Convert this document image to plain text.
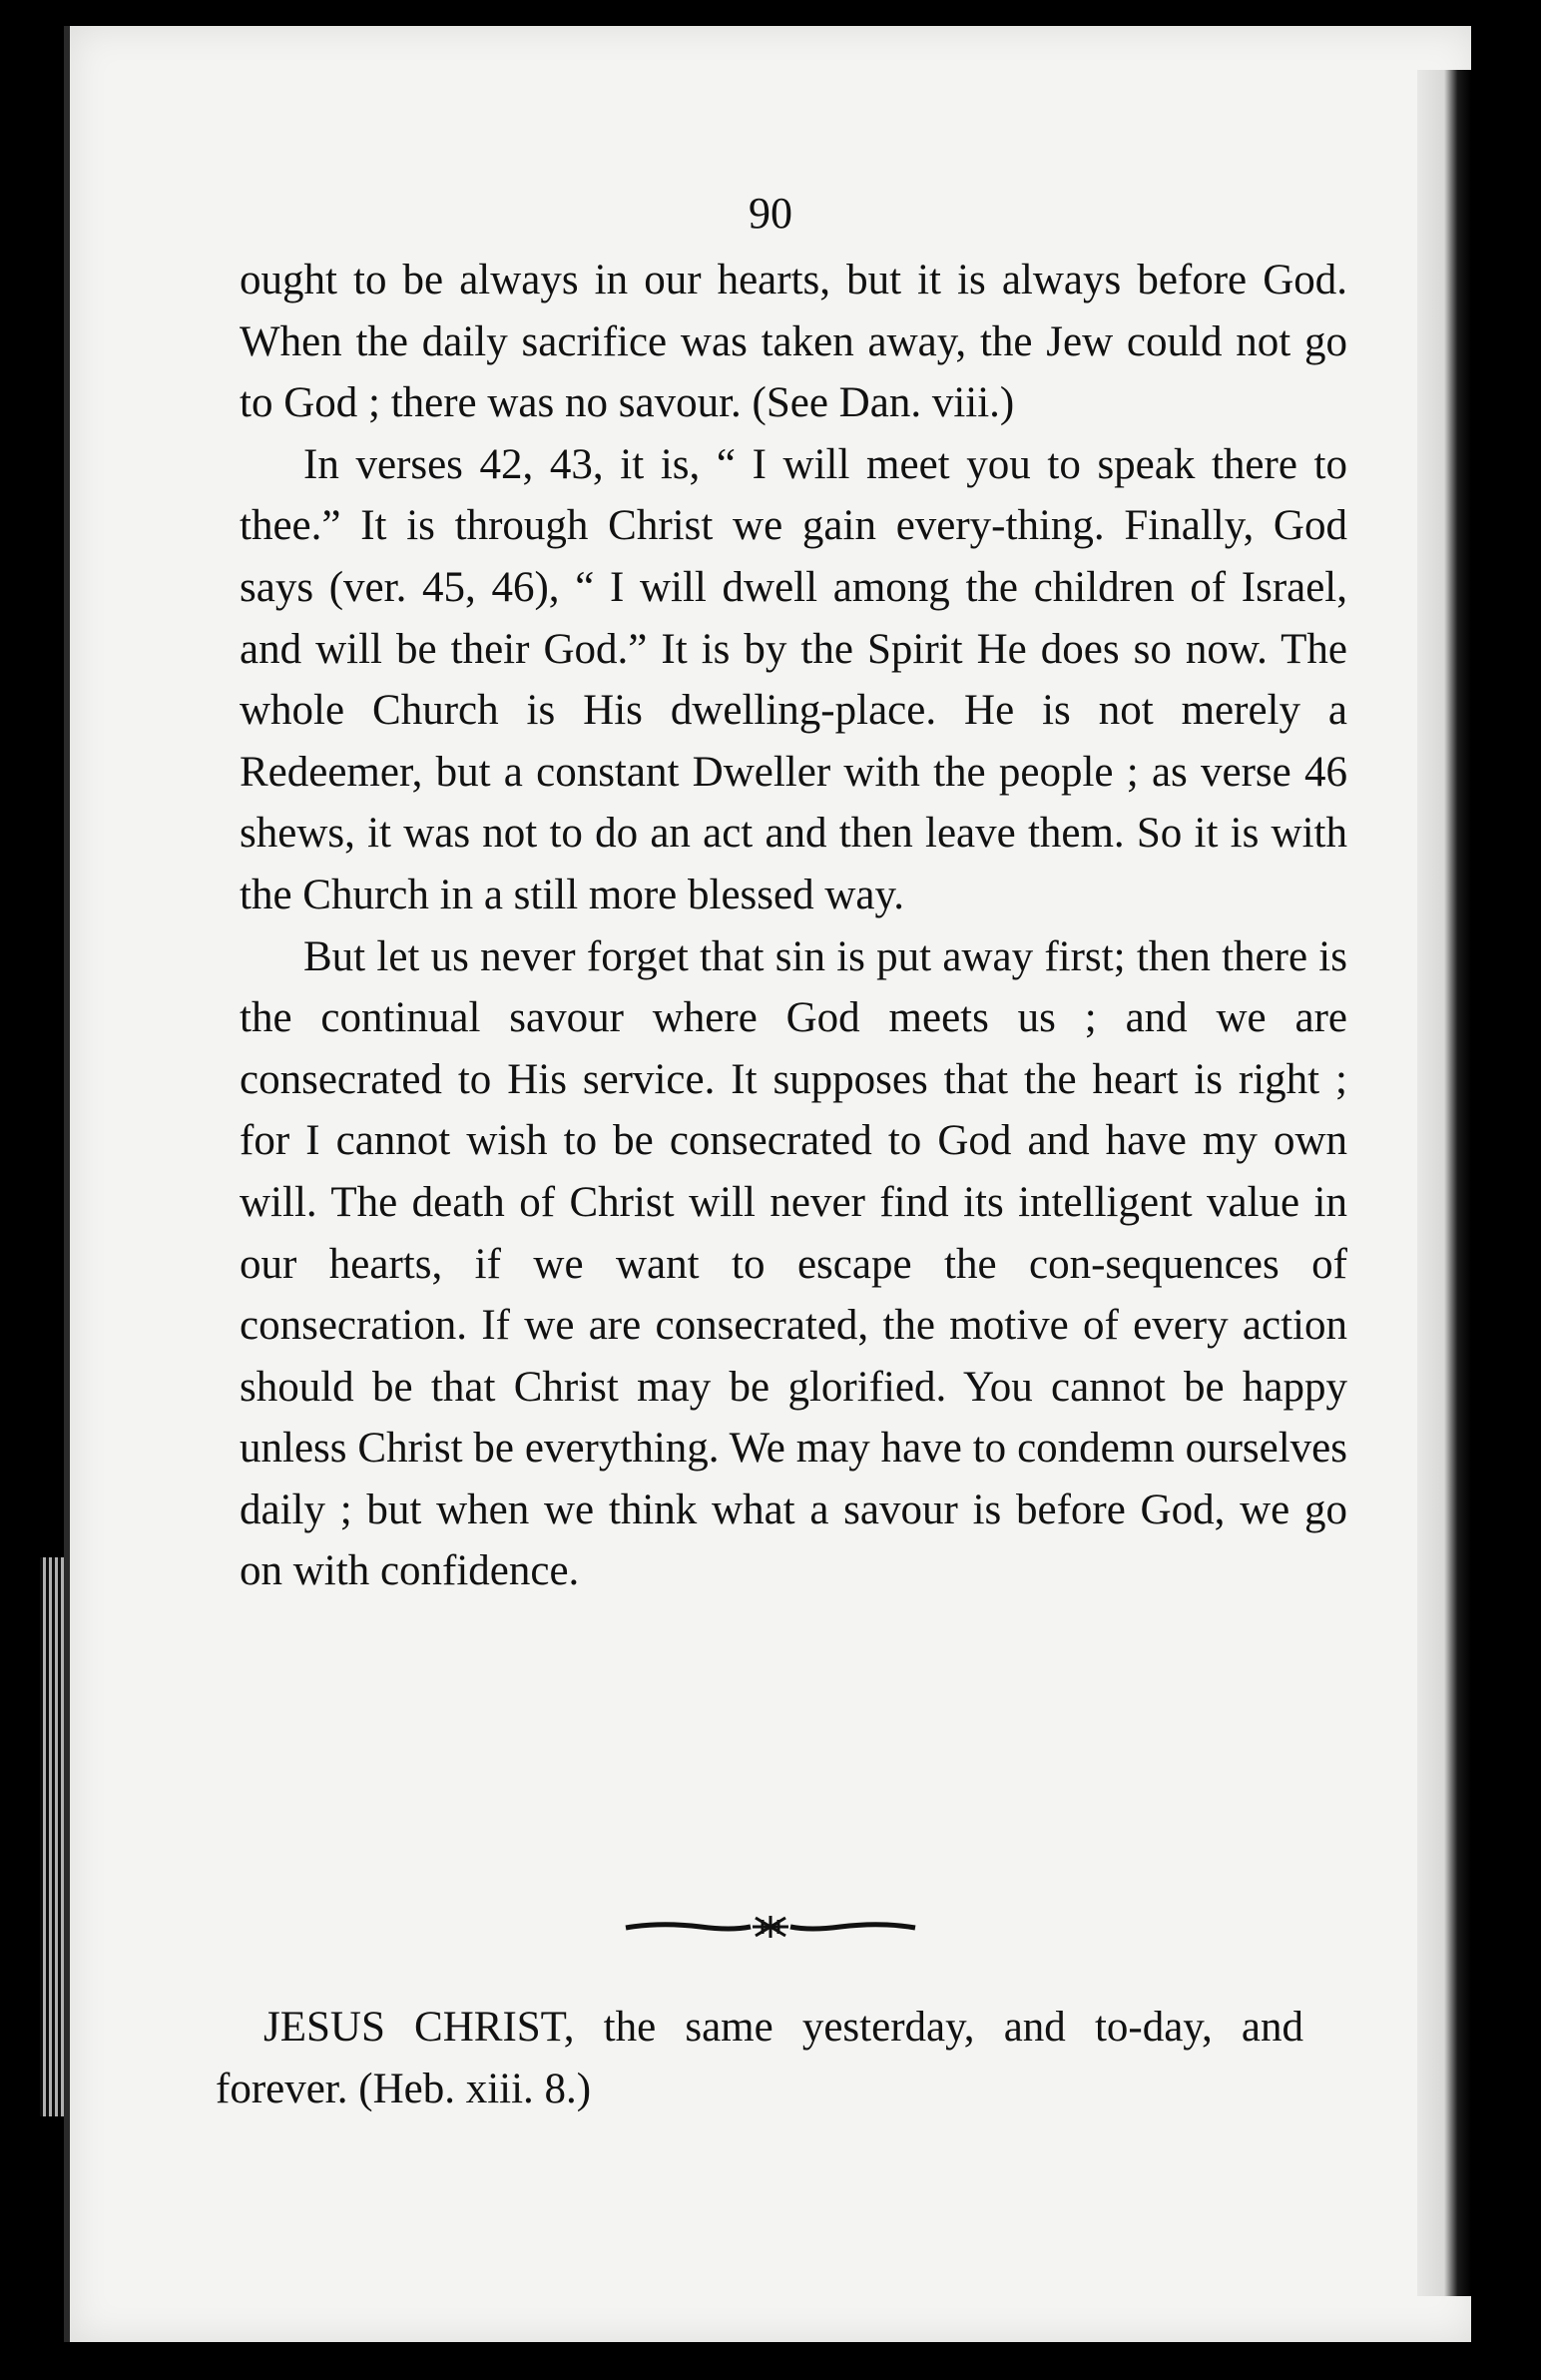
90

ought to be always in our hearts, but it is always before God. When the daily sacrifice was taken away, the Jew could not go to God ; there was no savour. (See Dan. viii.)

In verses 42, 43, it is, “ I will meet you to speak there to thee.” It is through Christ we gain every-thing. Finally, God says (ver. 45, 46), “ I will dwell among the children of Israel, and will be their God.” It is by the Spirit He does so now. The whole Church is His dwelling-place. He is not merely a Redeemer, but a constant Dweller with the people ; as verse 46 shews, it was not to do an act and then leave them. So it is with the Church in a still more blessed way.

But let us never forget that sin is put away first; then there is the continual savour where God meets us ; and we are consecrated to His service. It supposes that the heart is right ; for I cannot wish to be consecrated to God and have my own will. The death of Christ will never find its intelligent value in our hearts, if we want to escape the con-sequences of consecration. If we are consecrated, the motive of every action should be that Christ may be glorified. You cannot be happy unless Christ be everything. We may have to condemn ourselves daily ; but when we think what a savour is before God, we go on with confidence.

JESUS CHRIST, the same yesterday, and to-day, and forever. (Heb. xiii. 8.)
